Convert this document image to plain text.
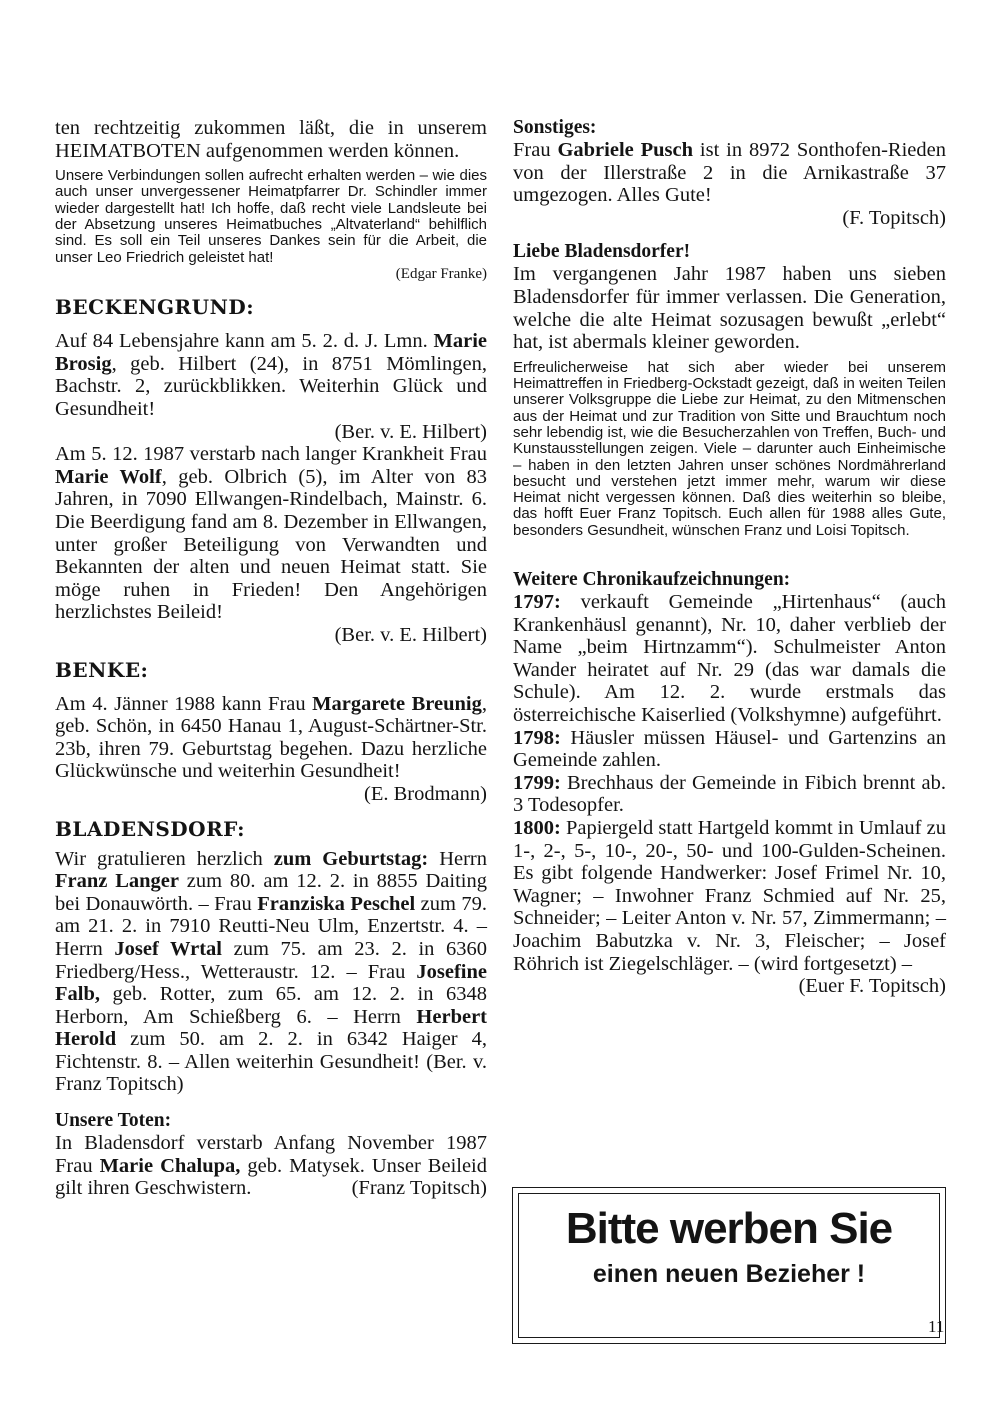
ten rechtzeitig zukommen läßt, die in unserem HEIMATBOTEN aufgenommen werden können.

Unsere Verbindungen sollen aufrecht erhalten werden – wie dies auch unser unvergessener Heimatpfarrer Dr. Schindler immer wieder dargestellt hat! Ich hoffe, daß recht viele Landsleute bei der Absetzung unseres Heimatbuches „Altvaterland“ behilflich sind. Es soll ein Teil unseres Dankes sein für die Arbeit, die unser Leo Friedrich geleistet hat!

(Edgar Franke)

BECKENGRUND:

Auf 84 Lebensjahre kann am 5. 2. d. J. Lmn. Marie Brosig, geb. Hilbert (24), in 8751 Mömlingen, Bachstr. 2, zurückblikken. Weiterhin Glück und Gesundheit!

(Ber. v. E. Hilbert)

Am 5. 12. 1987 verstarb nach langer Krankheit Frau Marie Wolf, geb. Olbrich (5), im Alter von 83 Jahren, in 7090 Ellwangen-Rindelbach, Mainstr. 6. Die Beerdigung fand am 8. Dezember in Ellwangen, unter großer Beteiligung von Verwandten und Bekannten der alten und neuen Heimat statt. Sie möge ruhen in Frieden! Den Angehörigen herzlichstes Beileid!

(Ber. v. E. Hilbert)

BENKE:

Am 4. Jänner 1988 kann Frau Margarete Breunig, geb. Schön, in 6450 Hanau 1, August-Schärtner-Str. 23b, ihren 79. Geburtstag begehen. Dazu herzliche Glückwünsche und weiterhin Gesundheit!

(E. Brodmann)

BLADENSDORF:

Wir gratulieren herzlich zum Geburtstag: Herrn Franz Langer zum 80. am 12. 2. in 8855 Daiting bei Donauwörth. – Frau Franziska Peschel zum 79. am 21. 2. in 7910 Reutti-Neu Ulm, Enzertstr. 4. – Herrn Josef Wrtal zum 75. am 23. 2. in 6360 Friedberg/Hess., Wetteraustr. 12. – Frau Josefine Falb, geb. Rotter, zum 65. am 12. 2. in 6348 Herborn, Am Schießberg 6. – Herrn Herbert Herold zum 50. am 2. 2. in 6342 Haiger 4, Fichtenstr. 8. – Allen weiterhin Gesundheit! (Ber. v. Franz Topitsch)

Unsere Toten:

In Bladensdorf verstarb Anfang November 1987 Frau Marie Chalupa, geb. Matysek. Unser Beileid gilt ihren Geschwistern.	(Franz Topitsch)

Sonstiges:

Frau Gabriele Pusch ist in 8972 Sonthofen-Rieden von der Illerstraße 2 in die Arnikastraße 37 umgezogen. Alles Gute!

(F. Topitsch)

Liebe Bladensdorfer!

Im vergangenen Jahr 1987 haben uns sieben Bladensdorfer für immer verlassen. Die Generation, welche die alte Heimat sozusagen bewußt „erlebt“ hat, ist abermals kleiner geworden.

Erfreulicherweise hat sich aber wieder bei unserem Heimattreffen in Friedberg-Ockstadt gezeigt, daß in weiten Teilen unserer Volksgruppe die Liebe zur Heimat, zu den Mitmenschen aus der Heimat und zur Tradition von Sitte und Brauchtum noch sehr lebendig ist, wie die Besucherzahlen von Treffen, Buch- und Kunstausstellungen zeigen. Viele – darunter auch Einheimische – haben in den letzten Jahren unser schönes Nordmährerland besucht und verstehen jetzt immer mehr, warum wir diese Heimat nicht vergessen können. Daß dies weiterhin so bleibe, das hofft Euer Franz Topitsch. Euch allen für 1988 alles Gute, besonders Gesundheit, wünschen Franz und Loisi Topitsch.

Weitere Chronikaufzeichnungen:

1797: verkauft Gemeinde „Hirtenhaus“ (auch Krankenhäusl genannt), Nr. 10, daher verblieb der Name „beim Hirtnzamm“). Schulmeister Anton Wander heiratet auf Nr. 29 (das war damals die Schule). Am 12. 2. wurde erstmals das österreichische Kaiserlied (Volkshymne) aufgeführt.

1798: Häusler müssen Häusel- und Gartenzins an Gemeinde zahlen.

1799: Brechhaus der Gemeinde in Fibich brennt ab. 3 Todesopfer.

1800: Papiergeld statt Hartgeld kommt in Umlauf zu 1-, 2-, 5-, 10-, 20-, 50- und 100-Gulden-Scheinen. Es gibt folgende Handwerker: Josef Frimel Nr. 10, Wagner; – Inwohner Franz Schmied auf Nr. 25, Schneider; – Leiter Anton v. Nr. 57, Zimmermann; – Joachim Babutzka v. Nr. 3, Fleischer; – Josef Röhrich ist Ziegelschläger. – (wird fortgesetzt) –

(Euer F. Topitsch)

Bitte werben Sie
einen neuen Bezieher !
11
